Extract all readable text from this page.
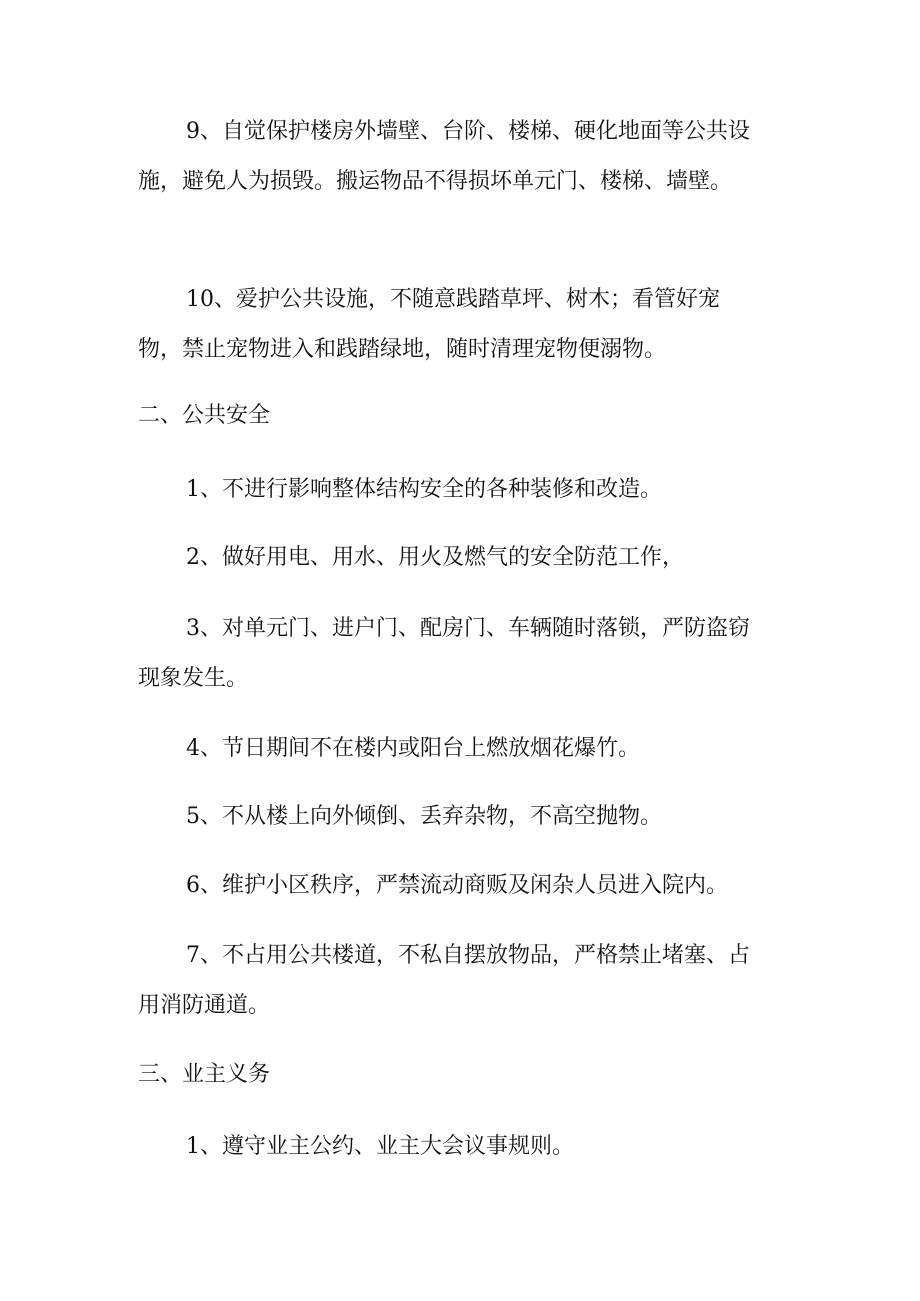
9、自觉保护楼房外墙壁、台阶、楼梯、硬化地面等公共设施，避免人为损毁。搬运物品不得损坏单元门、楼梯、墙壁。

10、爱护公共设施，不随意践踏草坪、树木；看管好宠物，禁止宠物进入和践踏绿地，随时清理宠物便溺物。

二、公共安全

1、不进行影响整体结构安全的各种装修和改造。

2、做好用电、用水、用火及燃气的安全防范工作，

3、对单元门、进户门、配房门、车辆随时落锁，严防盗窃现象发生。

4、节日期间不在楼内或阳台上燃放烟花爆竹。

5、不从楼上向外倾倒、丢弃杂物，不高空抛物。

6、维护小区秩序，严禁流动商贩及闲杂人员进入院内。

7、不占用公共楼道，不私自摆放物品，严格禁止堵塞、占用消防通道。

三、业主义务

1、遵守业主公约、业主大会议事规则。
